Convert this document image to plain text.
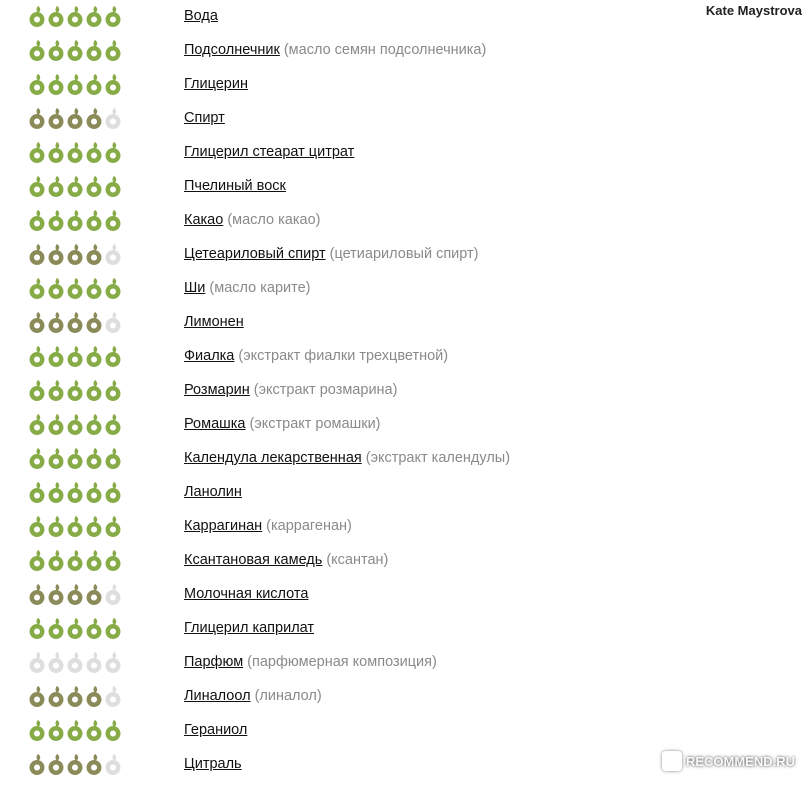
Kate Maystrova
Вода
Подсолнечник (масло семян подсолнечника)
Глицерин
Спирт
Глицерил стеарат цитрат
Пчелиный воск
Какао (масло какао)
Цетеариловый спирт (цетиариловый спирт)
Ши (масло карите)
Лимонен
Фиалка (экстракт фиалки трехцветной)
Розмарин (экстракт розмарина)
Ромашка (экстракт ромашки)
Календула лекарственная (экстракт календулы)
Ланолин
Каррагинан (каррагенан)
Ксантановая камедь (ксантан)
Молочная кислота
Глицерил каприлат
Парфюм (парфюмерная композиция)
Линалоол (линалол)
Гераниол
Цитраль	RECOMMEND.RU
